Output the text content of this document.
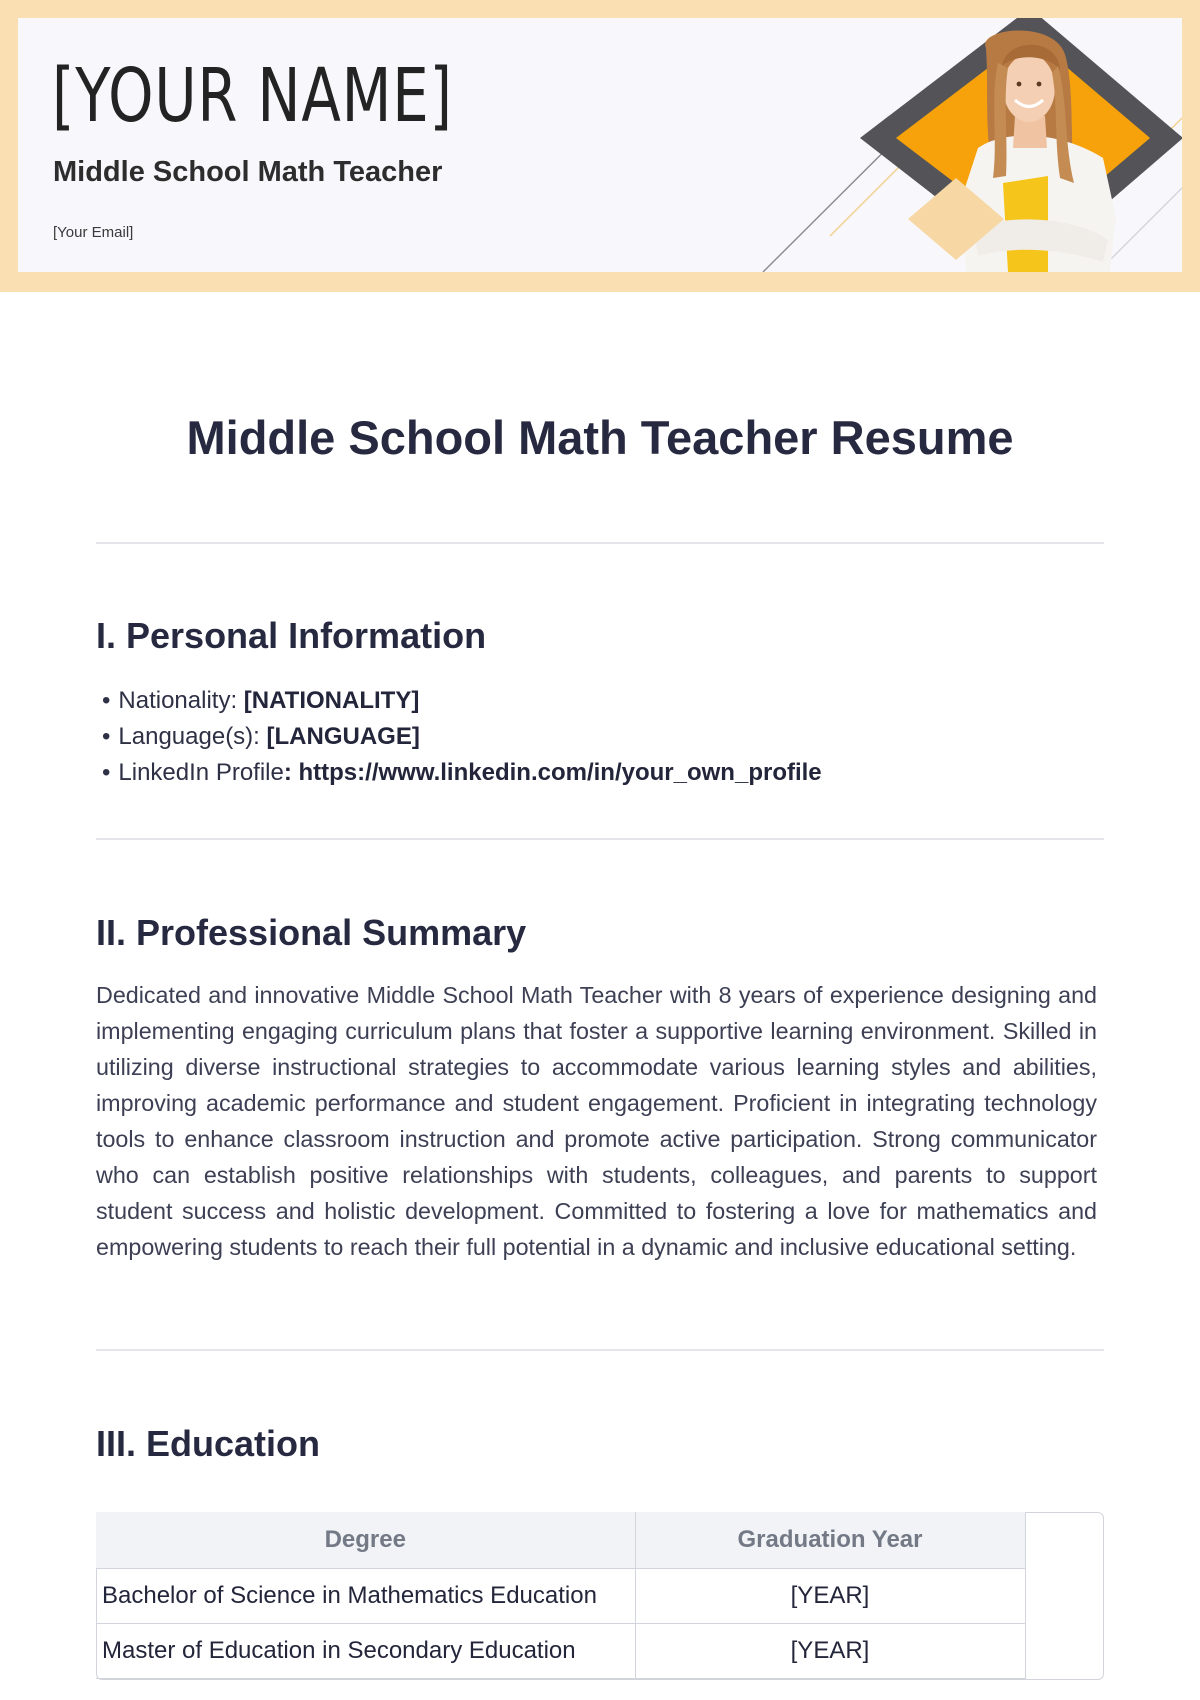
[YOUR NAME]
Middle School Math Teacher
[Your Email]
Middle School Math Teacher Resume
I. Personal Information
• Nationality: [NATIONALITY]
• Language(s): [LANGUAGE]
• LinkedIn Profile: https://www.linkedin.com/in/your_own_profile
II. Professional Summary

Dedicated and innovative Middle School Math Teacher with 8 years of experience designing and implementing engaging curriculum plans that foster a supportive learning environment. Skilled in utilizing diverse instructional strategies to accommodate various learning styles and abilities, improving academic performance and student engagement. Proficient in integrating technology tools to enhance classroom instruction and promote active participation. Strong communicator who can establish positive relationships with students, colleagues, and parents to support student success and holistic development. Committed to fostering a love for mathematics and empowering students to reach their full potential in a dynamic and inclusive educational setting.

III. Education
Degree	Graduation Year
Bachelor of Science in Mathematics Education	[YEAR]
Master of Education in Secondary Education	[YEAR]
